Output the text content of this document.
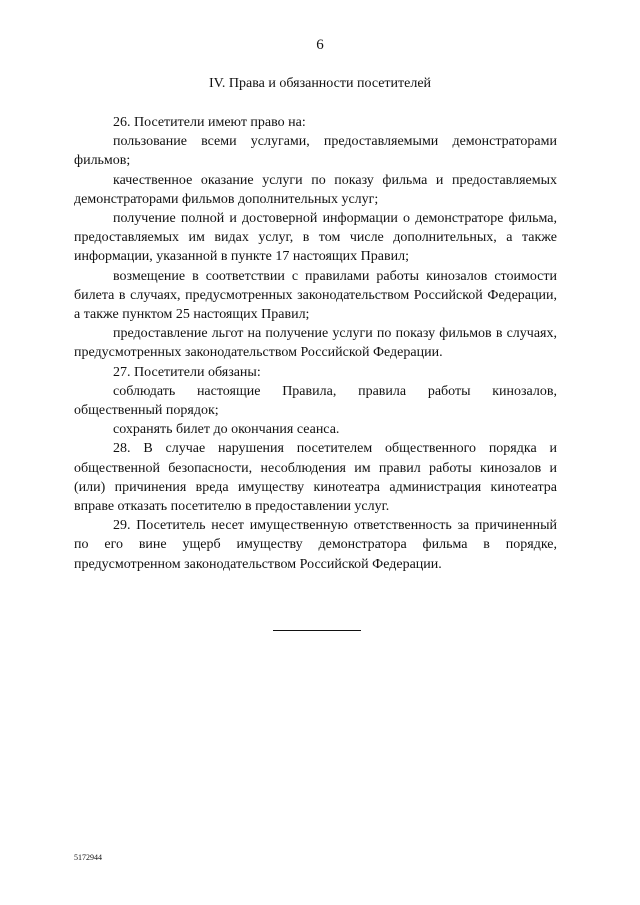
6
IV. Права и обязанности посетителей

26. Посетители имеют право на:

пользование всеми услугами, предоставляемыми демонстраторами фильмов;

качественное оказание услуги по показу фильма и предоставляемых демонстраторами фильмов дополнительных услуг;

получение полной и достоверной информации о демонстраторе фильма, предоставляемых им видах услуг, в том числе дополнительных, а также информации, указанной в пункте 17 настоящих Правил;

возмещение в соответствии с правилами работы кинозалов стоимости билета в случаях, предусмотренных законодательством Российской Федерации, а также пунктом 25 настоящих Правил;

предоставление льгот на получение услуги по показу фильмов в случаях, предусмотренных законодательством Российской Федерации.

27. Посетители обязаны:

соблюдать настоящие Правила, правила работы кинозалов, общественный порядок;

сохранять билет до окончания сеанса.

28. В случае нарушения посетителем общественного порядка и общественной безопасности, несоблюдения им правил работы кинозалов и (или) причинения вреда имуществу кинотеатра администрация кинотеатра вправе отказать посетителю в предоставлении услуг.

29. Посетитель несет имущественную ответственность за причиненный по его вине ущерб имуществу демонстратора фильма в порядке, предусмотренном законодательством Российской Федерации.

5172944
